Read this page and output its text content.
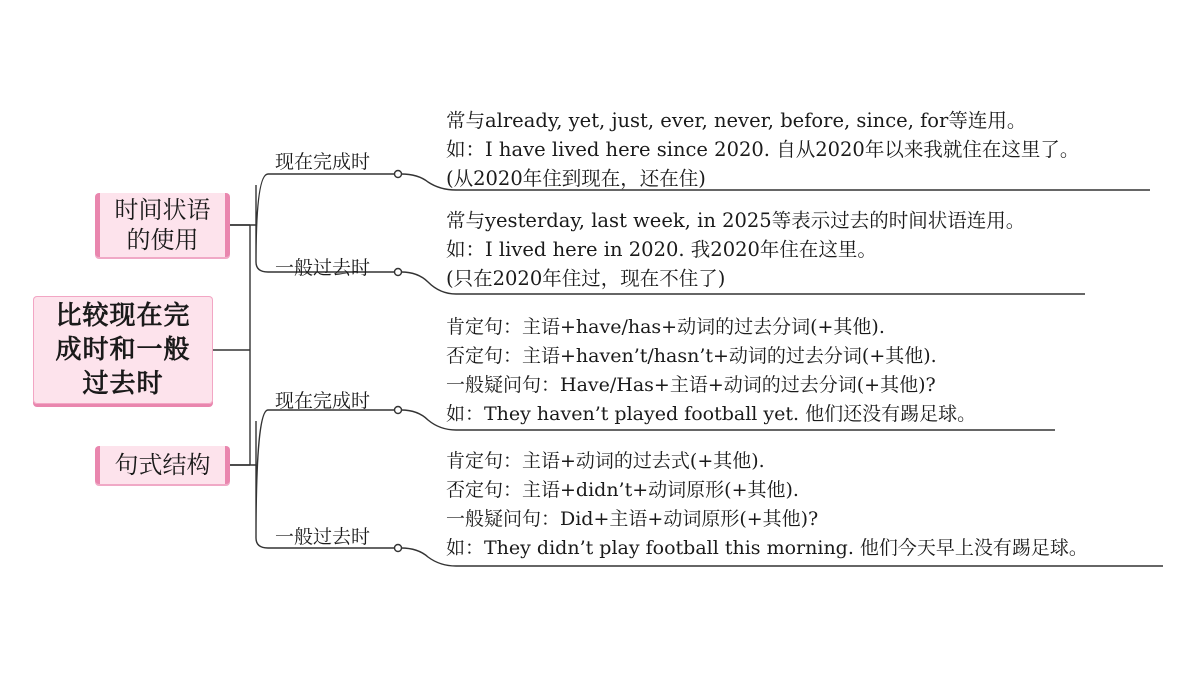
比较现在完
成时和一般
过去时
时间状语
的使用
句式结构
现在完成时
一般过去时
现在完成时
一般过去时
常与already, yet, just, ever, never, before, since, for等连用。
如：I have lived here since 2020. 自从2020年以来我就住在这里了。
(从2020年住到现在，还在住)
常与yesterday, last week, in 2025等表示过去的时间状语连用。
如：I lived here in 2020. 我2020年住在这里。
(只在2020年住过，现在不住了)
肯定句：主语+have/has+动词的过去分词(+其他).
否定句：主语+haven’t/hasn’t+动词的过去分词(+其他).
一般疑问句：Have/Has+主语+动词的过去分词(+其他)?
如：They haven’t played football yet. 他们还没有踢足球。
肯定句：主语+动词的过去式(+其他).
否定句：主语+didn’t+动词原形(+其他).
一般疑问句：Did+主语+动词原形(+其他)?
如：They didn’t play football this morning. 他们今天早上没有踢足球。
